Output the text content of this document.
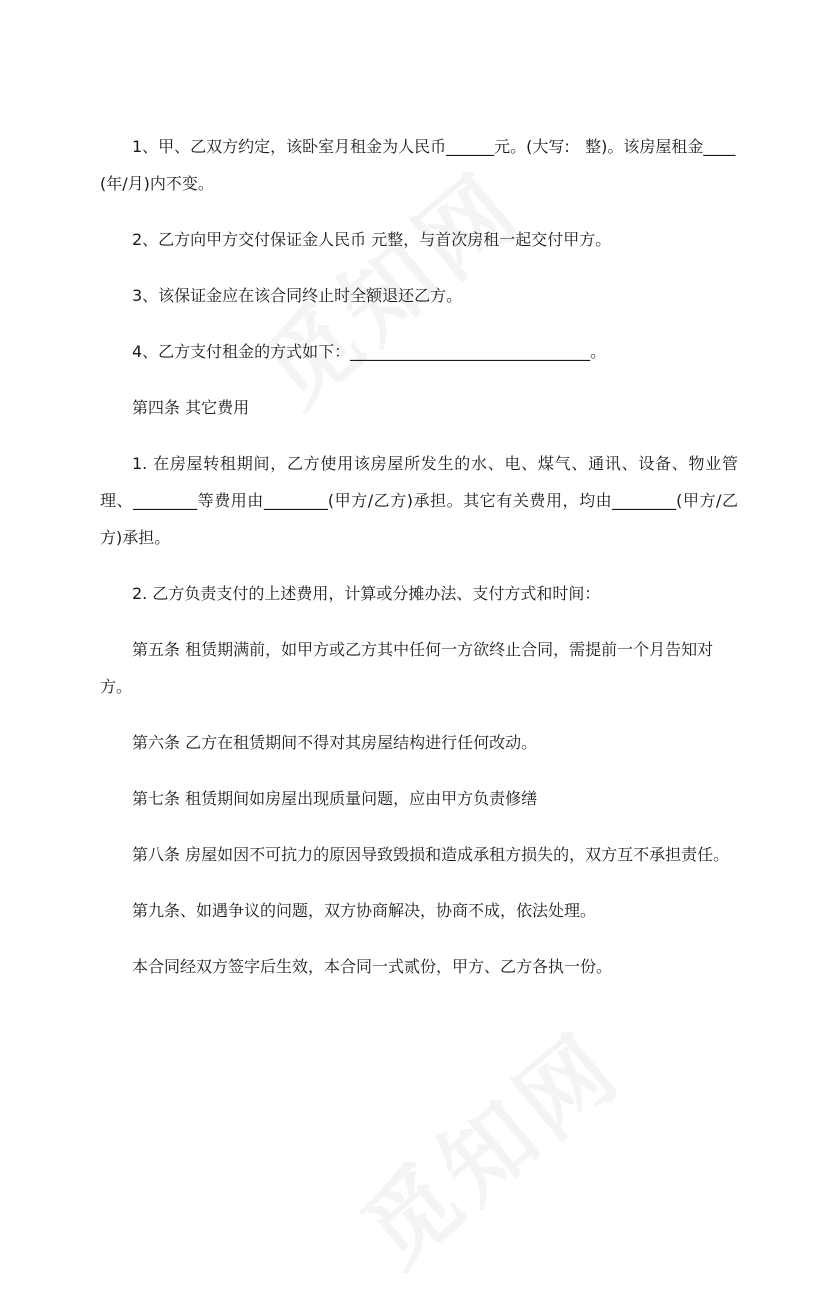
1、甲、乙双方约定，该卧室月租金为人民币______元。(大写:   整)。该房屋租金____(年/月)内不变。

2、乙方向甲方交付保证金人民币 元整，与首次房租一起交付甲方。

3、该保证金应在该合同终止时全额退还乙方。

4、乙方支付租金的方式如下：______________________________。

第四条 其它费用

1. 在房屋转租期间，乙方使用该房屋所发生的水、电、煤气、通讯、设备、物业管理、________等费用由________(甲方/乙方)承担。其它有关费用，均由________(甲方/乙方)承担。

2. 乙方负责支付的上述费用，计算或分摊办法、支付方式和时间：

第五条 租赁期满前，如甲方或乙方其中任何一方欲终止合同，需提前一个月告知对方。

第六条 乙方在租赁期间不得对其房屋结构进行任何改动。

第七条 租赁期间如房屋出现质量问题，应由甲方负责修缮

第八条 房屋如因不可抗力的原因导致毁损和造成承租方损失的，双方互不承担责任。

第九条、如遇争议的问题，双方协商解决，协商不成，依法处理。

本合同经双方签字后生效，本合同一式贰份，甲方、乙方各执一份。
